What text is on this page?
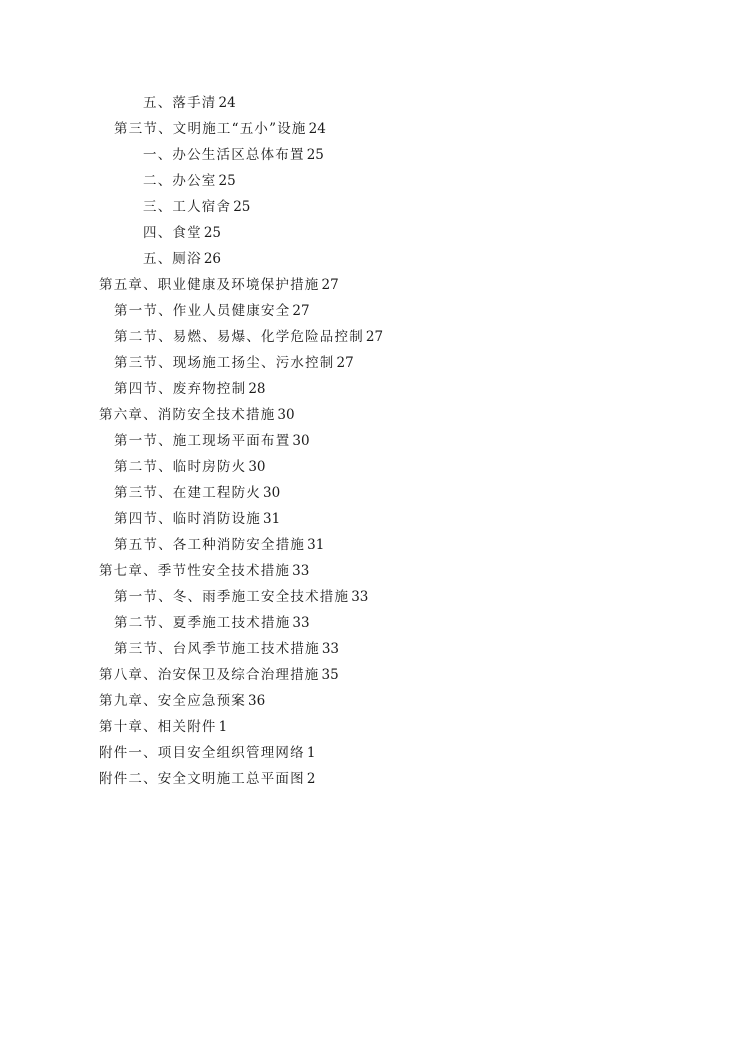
五、落手清 24
第三节、文明施工“五小”设施 24
一、办公生活区总体布置 25
二、办公室 25
三、工人宿舍 25
四、食堂 25
五、厕浴 26
第五章、职业健康及环境保护措施 27
第一节、作业人员健康安全 27
第二节、易燃、易爆、化学危险品控制 27
第三节、现场施工扬尘、污水控制 27
第四节、废弃物控制 28
第六章、消防安全技术措施 30
第一节、施工现场平面布置 30
第二节、临时房防火 30
第三节、在建工程防火 30
第四节、临时消防设施 31
第五节、各工种消防安全措施 31
第七章、季节性安全技术措施 33
第一节、冬、雨季施工安全技术措施 33
第二节、夏季施工技术措施 33
第三节、台风季节施工技术措施 33
第八章、治安保卫及综合治理措施 35
第九章、安全应急预案 36
第十章、相关附件 1
附件一、项目安全组织管理网络 1
附件二、安全文明施工总平面图 2
